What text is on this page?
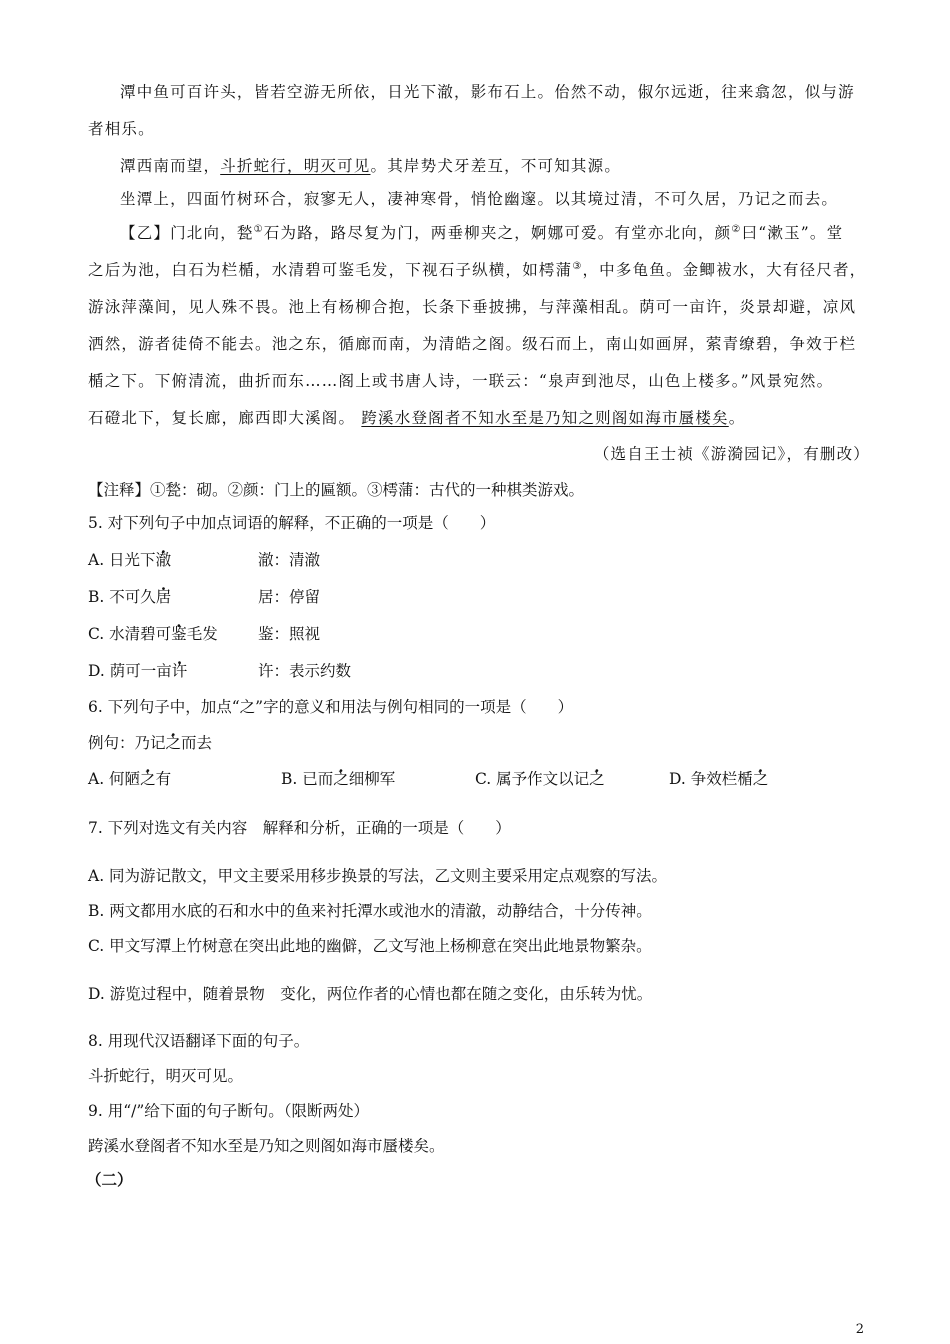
潭中鱼可百许头，皆若空游无所依，日光下澈，影布石上。佁然不动，俶尔远逝，往来翕忽，似与游
者相乐。
潭西南而望，斗折蛇行，明灭可见。其岸势犬牙差互，不可知其源。
坐潭上，四面竹树环合，寂寥无人，凄神寒骨，悄怆幽邃。以其境过清，不可久居，乃记之而去。
【乙】门北向，甃①石为路，路尽复为门，两垂柳夹之，婀娜可爱。有堂亦北向，颜②曰“漱玉”。堂
之后为池，白石为栏楯，水清碧可鉴毛发，下视石子纵横，如樗蒲③，中多龟鱼。金鲫袚水，大有径尺者，
游泳萍藻间，见人殊不畏。池上有杨柳合抱，长条下垂披拂，与萍藻相乱。荫可一亩许，炎景却避，凉风
洒然，游者徒倚不能去。池之东，循廊而南，为清皓之阁。级石而上，南山如画屏，萦青缭碧，争效于栏
楯之下。下俯清流，曲折而东……阁上或书唐人诗，一联云：“泉声到池尽，山色上楼多。”风景宛然。
石磴北下，复长廊，廊西即大溪阁。 跨溪水登阁者不知水至是乃知之则阁如海市蜃楼矣。
（选自王士祯《游漪园记》，有删改）
【注释】①甃：砌。②颜：门上的匾额。③樗蒲：古代的一种棋类游戏。
5. 对下列句子中加点词语的解释，不正确的一项是（　　）
A. 日光下澈	澈：清澈
B. 不可久居	居：停留
C. 水清碧可鉴毛发	鉴：照视
D. 荫可一亩许	许：表示约数
6. 下列句子中，加点“之”字的意义和用法与例句相同的一项是（　　）
例句：乃记之而去
A. 何陋之有	B. 已而之细柳军	C. 属予作文以记之	D. 争效栏楯之
7. 下列对选文有关内容　解释和分析，正确的一项是（　　）
A. 同为游记散文，甲文主要采用移步换景的写法，乙文则主要采用定点观察的写法。
B. 两文都用水底的石和水中的鱼来衬托潭水或池水的清澈，动静结合，十分传神。
C. 甲文写潭上竹树意在突出此地的幽僻，乙文写池上杨柳意在突出此地景物繁杂。
D. 游览过程中，随着景物　变化，两位作者的心情也都在随之变化，由乐转为忧。
8. 用现代汉语翻译下面的句子。
斗折蛇行，明灭可见。
9. 用“/”给下面的句子断句。（限断两处）
跨溪水登阁者不知水至是乃知之则阁如海市蜃楼矣。
（二）
2
